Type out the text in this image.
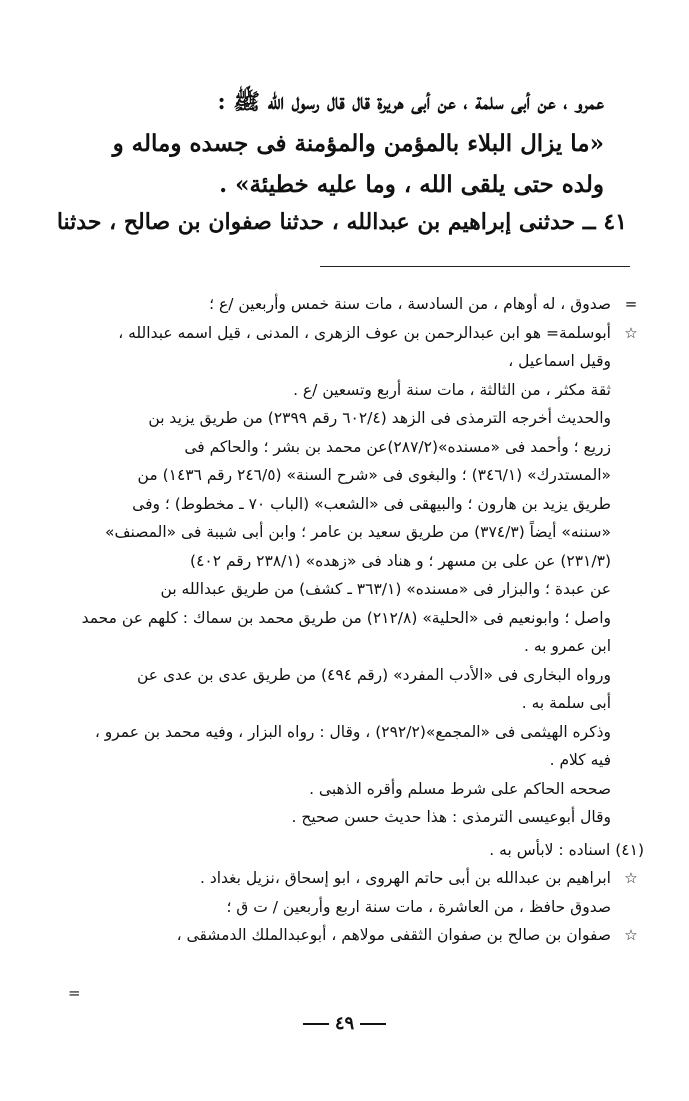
عمرو ، عن أبى سلمة ، عن أبى هريرة قال قال رسول الله ﷺ :

«ما يزال البلاء بالمؤمن والمؤمنة فى جسده وماله و

ولده حتى يلقى الله ، وما عليه خطيئة» .

٤١ ــ حدثنى إبراهيم بن عبدالله ، حدثنا صفوان بن صالح ، حدثنا
=
صدوق ، له أوهام ، من السادسة ، مات سنة خمس وأربعين /ع ؛
☆
أبوسلمة= هو ابن عبدالرحمن بن عوف الزهرى ، المدنى ، قيل اسمه عبدالله ،
وقيل اسماعيل ،
ثقة مكثر ، من الثالثة ، مات سنة أربع وتسعين /ع .
والحديث أخرجه الترمذى فى الزهد (٦٠٢/٤ رقم ٢٣٩٩) من طريق يزيد بن
زريع ؛ وأحمد فى «مسنده»(٢٨٧/٢)عن محمد بن بشر ؛ والحاكم فى
«المستدرك» (٣٤٦/١) ؛ والبغوى فى «شرح السنة» (٢٤٦/٥ رقم ١٤٣٦) من
طريق يزيد بن هارون ؛ والبيهقى فى «الشعب» (الباب ٧٠ ـ مخطوط) ؛ وفى
«سننه» أيضاً (٣٧٤/٣) من طريق سعيد بن عامر ؛ وابن أبى شيبة فى «المصنف»
(٢٣١/٣) عن على بن مسهر ؛ و هناد فى «زهده» (٢٣٨/١ رقم ٤٠٢)
عن عبدة ؛ والبزار فى «مسنده» (٣٦٣/١ ـ كشف) من طريق عبدالله بن
واصل ؛ وابونعيم فى «الحلية» (٢١٢/٨) من طريق محمد بن سماك : كلهم عن محمد
ابن عمرو به .
ورواه البخارى فى «الأدب المفرد» (رقم ٤٩٤) من طريق عدى بن عدى عن
أبى سلمة به .
وذكره الهيثمى فى «المجمع»(٢٩٢/٢) ، وقال : رواه البزار ، وفيه محمد بن عمرو ،
فيه كلام .
صححه الحاكم على شرط مسلم وأقره الذهبى .
وقال أبوعيسى الترمذى : هذا حديث حسن صحيح .
(٤١) اسناده : لابأس به .
☆
ابراهيم بن عبدالله بن أبى حاتم الهروى ، ابو إسحاق ،نزيل بغداد .
صدوق حافظ ، من العاشرة ، مات سنة اربع وأربعين / ت ق ؛
☆
صفوان بن صالح بن صفوان الثقفى مولاهم ، أبوعبدالملك الدمشقى ،
=
٤٩
